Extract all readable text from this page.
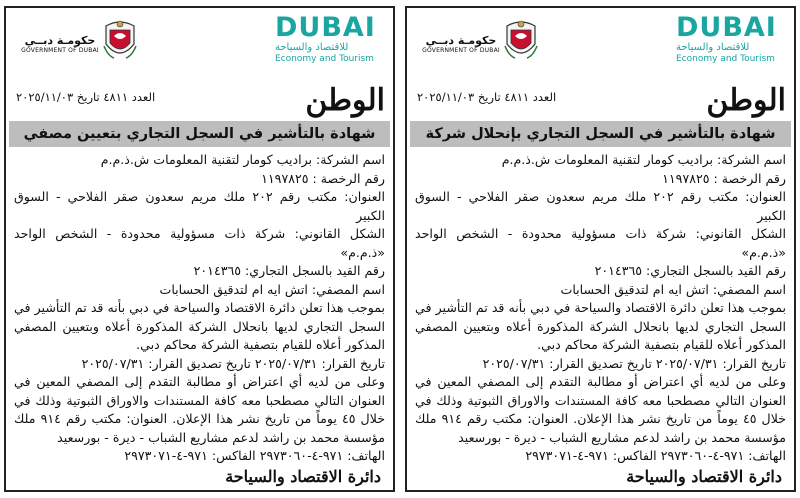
DUBAI
للاقتصاد والسياحة
Economy and Tourism
حكومـة دبــي
GOVERNMENT OF DUBAI
الوطن
العدد ٤٨١١ تاريخ ٢٠٢٥/١١/٠٣
شهادة بالتأشير في السجل التجاري بتعيين مصفي

اسم الشركة: براديب كومار لتقنية المعلومات ش.ذ.م.م

رقم الرخصة : ١١٩٧٨٢٥

العنوان: مكتب رقم ٢٠٢ ملك مريم سعدون صقر الفلاحي - السوق الكبير

الشكل القانوني: شركة ذات مسؤولية محدودة - الشخص الواحد «ذ.م.م»

رقم القيد بالسجل التجاري: ٢٠١٤٣٦٥

اسم المصفي: اتش ايه ام لتدقيق الحسابات

بموجب هذا تعلن دائرة الاقتصاد والسياحة في دبي بأنه قد تم التأشير في السجل التجاري لديها بانحلال الشركة المذكورة أعلاه وبتعيين المصفي المذكور أعلاه للقيام بتصفية الشركة محاكم دبي.

تاريخ القرار: ٢٠٢٥/٠٧/٣١ تاريخ تصديق القرار: ٢٠٢٥/٠٧/٣١

وعلى من لديه أي اعتراض أو مطالبة التقدم إلى المصفي المعين في العنوان التالي مصطحبا معه كافة المستندات والاوراق الثبوتية وذلك في خلال ٤٥ يوماً من تاريخ نشر هذا الإعلان. العنوان: مكتب رقم ٩١٤ ملك مؤسسة محمد بن راشد لدعم مشاريع الشباب - ديرة - بورسعيد

الهاتف: ٩٧١-٤-٢٩٧٣٠٦٠ الفاكس: ٩٧١-٤-٢٩٧٣٠٧١

دائرة الاقتصاد والسياحة
DUBAI
للاقتصاد والسياحة
Economy and Tourism
حكومـة دبــي
GOVERNMENT OF DUBAI
الوطن
العدد ٤٨١١ تاريخ ٢٠٢٥/١١/٠٣
شهادة بالتأشير في السجل التجاري بإنحلال شركة

اسم الشركة: براديب كومار لتقنية المعلومات ش.ذ.م.م

رقم الرخصة : ١١٩٧٨٢٥

العنوان: مكتب رقم ٢٠٢ ملك مريم سعدون صقر الفلاحي - السوق الكبير

الشكل القانوني: شركة ذات مسؤولية محدودة - الشخص الواحد «ذ.م.م»

رقم القيد بالسجل التجاري: ٢٠١٤٣٦٥

اسم المصفي: اتش ايه ام لتدقيق الحسابات

بموجب هذا تعلن دائرة الاقتصاد والسياحة في دبي بأنه قد تم التأشير في السجل التجاري لديها بانحلال الشركة المذكورة أعلاه وبتعيين المصفي المذكور أعلاه للقيام بتصفية الشركة محاكم دبي.

تاريخ القرار: ٢٠٢٥/٠٧/٣١ تاريخ تصديق القرار: ٢٠٢٥/٠٧/٣١

وعلى من لديه أي اعتراض أو مطالبة التقدم إلى المصفي المعين في العنوان التالي مصطحبا معه كافة المستندات والاوراق الثبوتية وذلك في خلال ٤٥ يوماً من تاريخ نشر هذا الإعلان. العنوان: مكتب رقم ٩١٤ ملك مؤسسة محمد بن راشد لدعم مشاريع الشباب - ديرة - بورسعيد

الهاتف: ٩٧١-٤-٢٩٧٣٠٦٠ الفاكس: ٩٧١-٤-٢٩٧٣٠٧١

دائرة الاقتصاد والسياحة
